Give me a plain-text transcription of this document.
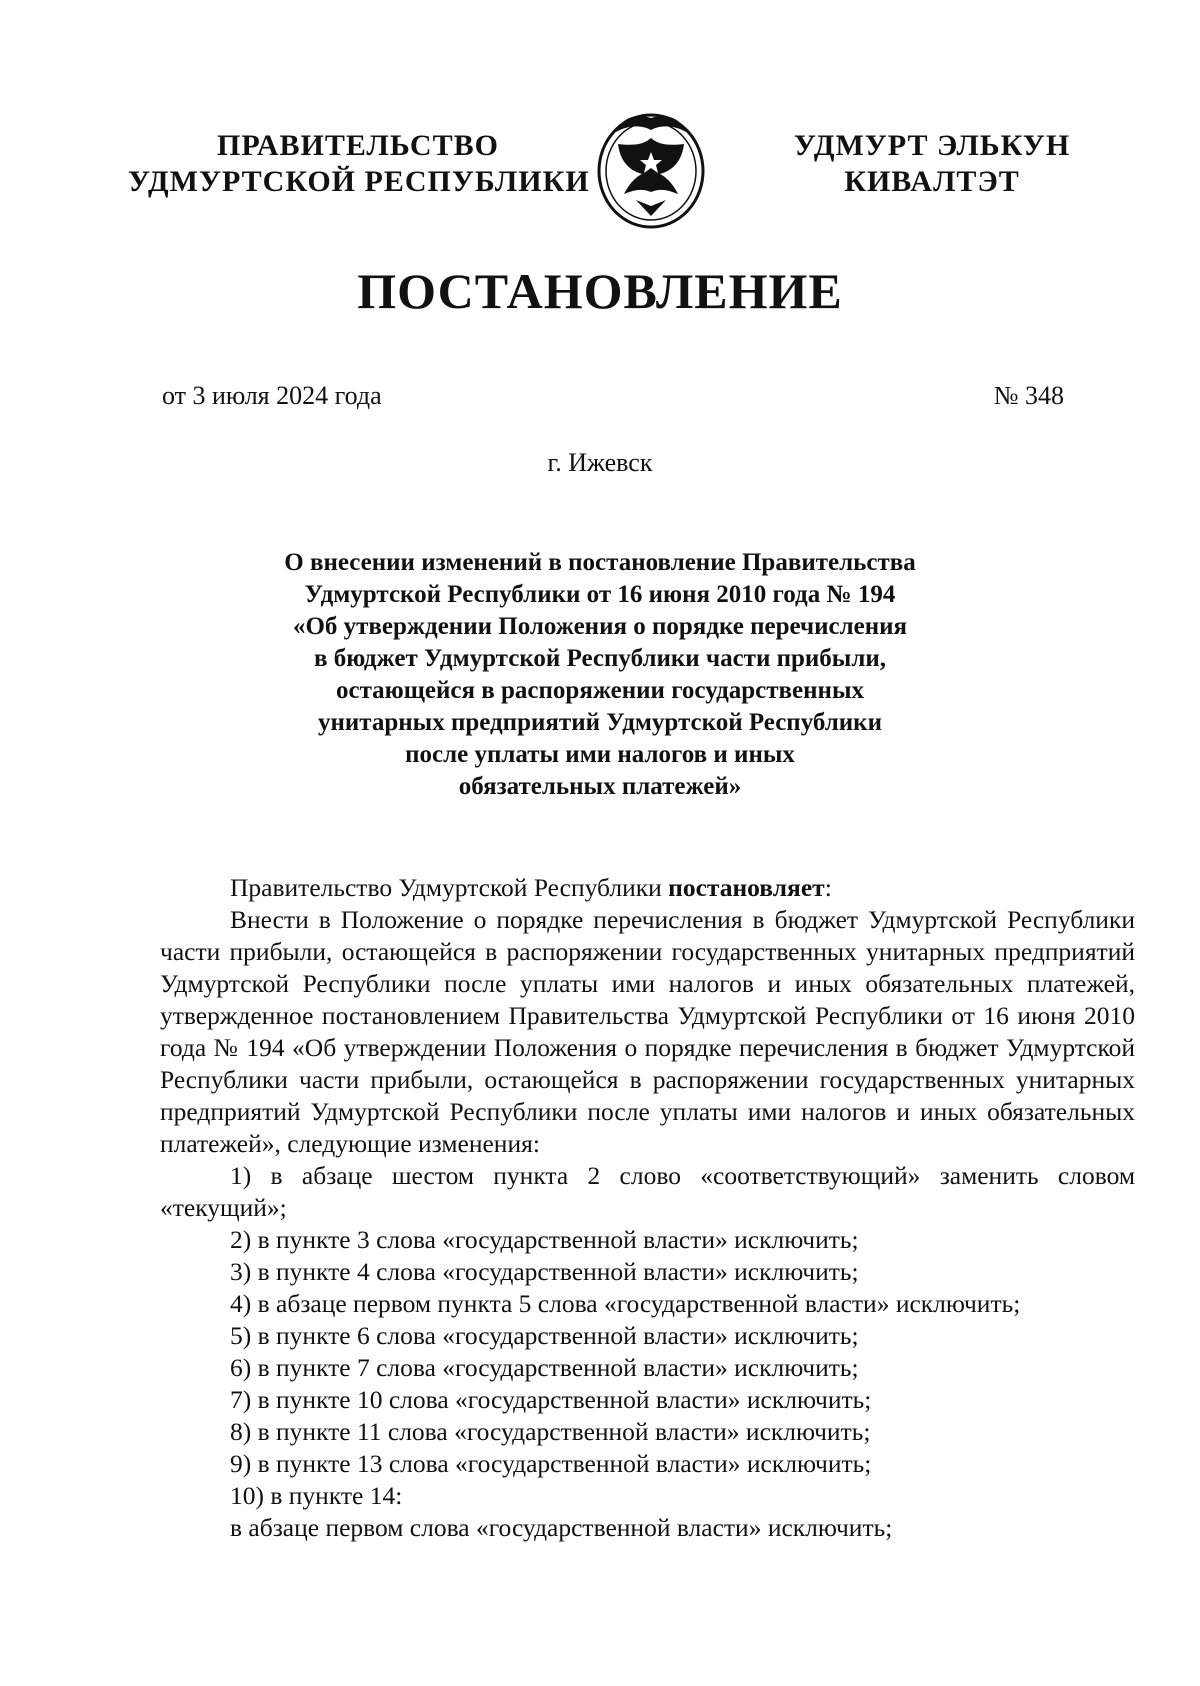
ПРАВИТЕЛЬСТВО
УДМУРТСКОЙ РЕСПУБЛИКИ
УДМУРТ ЭЛЬКУН
КИВАЛТЭТ
ПОСТАНОВЛЕНИЕ
от 3 июля 2024 года	№ 348
г. Ижевск
О внесении изменений в постановление Правительства
Удмуртской Республики от 16 июня 2010 года № 194
«Об утверждении Положения о порядке перечисления
в бюджет Удмуртской Республики части прибыли,
остающейся в распоряжении государственных
унитарных предприятий Удмуртской Республики
после уплаты ими налогов и иных
обязательных платежей»

Правительство Удмуртской Республики постановляет:

Внести в Положение о порядке перечисления в бюджет Удмуртской Республики части прибыли, остающейся в распоряжении государственных унитарных предприятий Удмуртской Республики после уплаты ими налогов и иных обязательных платежей, утвержденное постановлением Правительства Удмуртской Республики от 16 июня 2010 года № 194 «Об утверждении Положения о порядке перечисления в бюджет Удмуртской Республики части прибыли, остающейся в распоряжении государственных унитарных предприятий Удмуртской Республики после уплаты ими налогов и иных обязательных платежей», следующие изменения:

1) в абзаце шестом пункта 2 слово «соответствующий» заменить словом «текущий»;

2) в пункте 3 слова «государственной власти» исключить;

3) в пункте 4 слова «государственной власти» исключить;

4) в абзаце первом пункта 5 слова «государственной власти» исключить;

5) в пункте 6 слова «государственной власти» исключить;

6) в пункте 7 слова «государственной власти» исключить;

7) в пункте 10 слова «государственной власти» исключить;

8) в пункте 11 слова «государственной власти» исключить;

9) в пункте 13 слова «государственной власти» исключить;

10) в пункте 14:

в абзаце первом слова «государственной власти» исключить;
